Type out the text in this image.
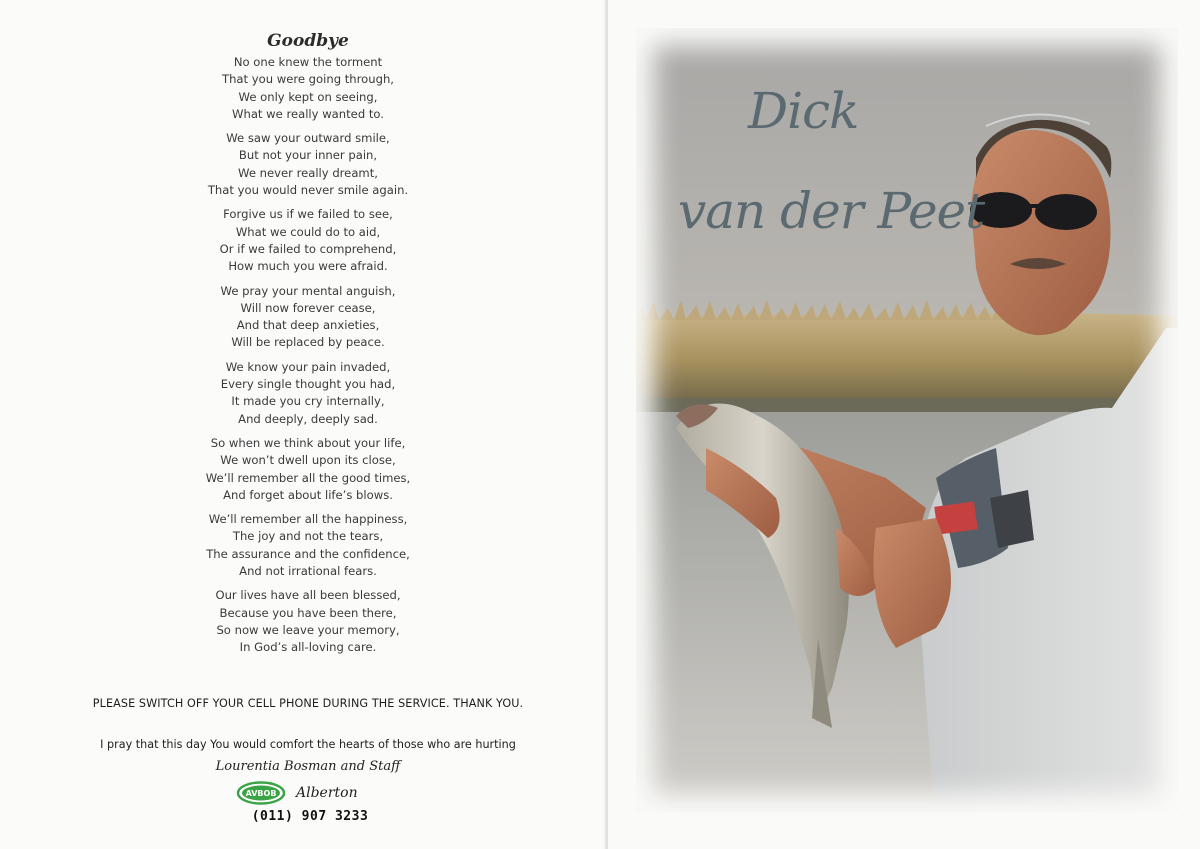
Goodbye
No one knew the torment
That you were going through,
We only kept on seeing,
What we really wanted to.
We saw your outward smile,
But not your inner pain,
We never really dreamt,
That you would never smile again.
Forgive us if we failed to see,
What we could do to aid,
Or if we failed to comprehend,
How much you were afraid.
We pray your mental anguish,
Will now forever cease,
And that deep anxieties,
Will be replaced by peace.
We know your pain invaded,
Every single thought you had,
It made you cry internally,
And deeply, deeply sad.
So when we think about your life,
We won’t dwell upon its close,
We’ll remember all the good times,
And forget about life’s blows.
We’ll remember all the happiness,
The joy and not the tears,
The assurance and the confidence,
And not irrational fears.
Our lives have all been blessed,
Because you have been there,
So now we leave your memory,
In God’s all-loving care.
PLEASE SWITCH OFF YOUR CELL PHONE DURING THE SERVICE. THANK YOU.
I pray that this day You would comfort the hearts of those who are hurting
Lourentia Bosman and Staff
AVBOB Alberton
(011) 907 3233
Dick
van der Peet
